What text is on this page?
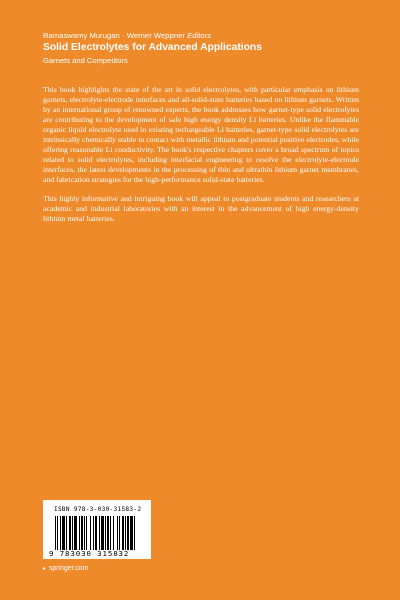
Ramaswamy Murugan · Werner Weppner Editors
Solid Electrolytes for Advanced Applications
Garnets and Competitors

This book highlights the state of the art in solid electrolytes, with particular emphasis on lithium garnets, electrolyte-electrode interfaces and all-solid-state batteries based on lithium garnets. Written by an international group of renowned experts, the book addresses how garnet-type solid electrolytes are contributing to the development of safe high energy density Li batteries. Unlike the flammable organic liquid electrolyte used in existing rechargeable Li batteries, garnet-type solid electrolytes are intrinsically chemically stable in contact with metallic lithium and potential positive electrodes, while offering reasonable Li conductivity. The book's respective chapters cover a broad spectrum of topics related to solid electrolytes, including interfacial engineering to resolve the electrolyte-electrode interfaces, the latest developments in the processing of thin and ultrathin lithium garnet membranes, and fabrication strategies for the high-performance solid-state batteries.

This highly informative and intriguing book will appeal to postgraduate students and researchers at academic and industrial laboratories with an interest in the advancement of high energy-density lithium metal batteries.

ISBN 978-3-030-31583-2
9 783030 315832
▸ springer.com
